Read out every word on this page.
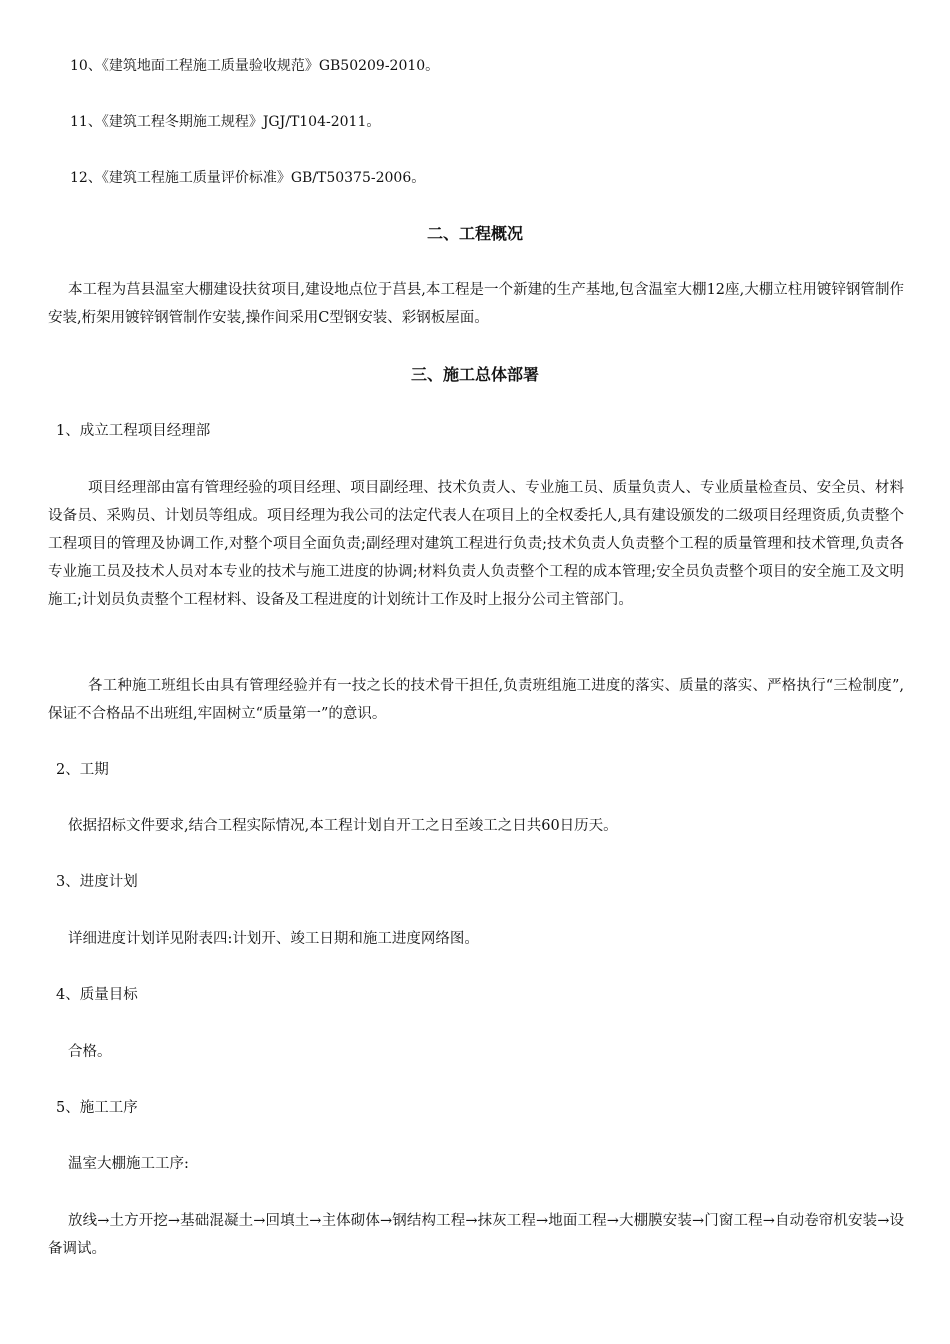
10、《建筑地面工程施工质量验收规范》GB50209-2010。
11、《建筑工程冬期施工规程》JGJ/T104-2011。
12、《建筑工程施工质量评价标准》GB/T50375-2006。
二、工程概况
本工程为莒县温室大棚建设扶贫项目,建设地点位于莒县,本工程是一个新建的生产基地,包含温室大棚12座,大棚立柱用镀锌钢管制作安装,桁架用镀锌钢管制作安装,操作间采用C型钢安装、彩钢板屋面。
三、施工总体部署
1、成立工程项目经理部
项目经理部由富有管理经验的项目经理、项目副经理、技术负责人、专业施工员、质量负责人、专业质量检查员、安全员、材料设备员、采购员、计划员等组成。项目经理为我公司的法定代表人在项目上的全权委托人,具有建设颁发的二级项目经理资质,负责整个工程项目的管理及协调工作,对整个项目全面负责;副经理对建筑工程进行负责;技术负责人负责整个工程的质量管理和技术管理,负责各专业施工员及技术人员对本专业的技术与施工进度的协调;材料负责人负责整个工程的成本管理;安全员负责整个项目的安全施工及文明施工;计划员负责整个工程材料、设备及工程进度的计划统计工作及时上报分公司主管部门。
各工种施工班组长由具有管理经验并有一技之长的技术骨干担任,负责班组施工进度的落实、质量的落实、严格执行“三检制度”,保证不合格品不出班组,牢固树立“质量第一”的意识。
2、工期
依据招标文件要求,结合工程实际情况,本工程计划自开工之日至竣工之日共60日历天。
3、进度计划
详细进度计划详见附表四:计划开、竣工日期和施工进度网络图。
4、质量目标
合格。
5、施工工序
温室大棚施工工序:
放线→土方开挖→基础混凝土→回填土→主体砌体→钢结构工程→抹灰工程→地面工程→大棚膜安装→门窗工程→自动卷帘机安装→设备调试。
